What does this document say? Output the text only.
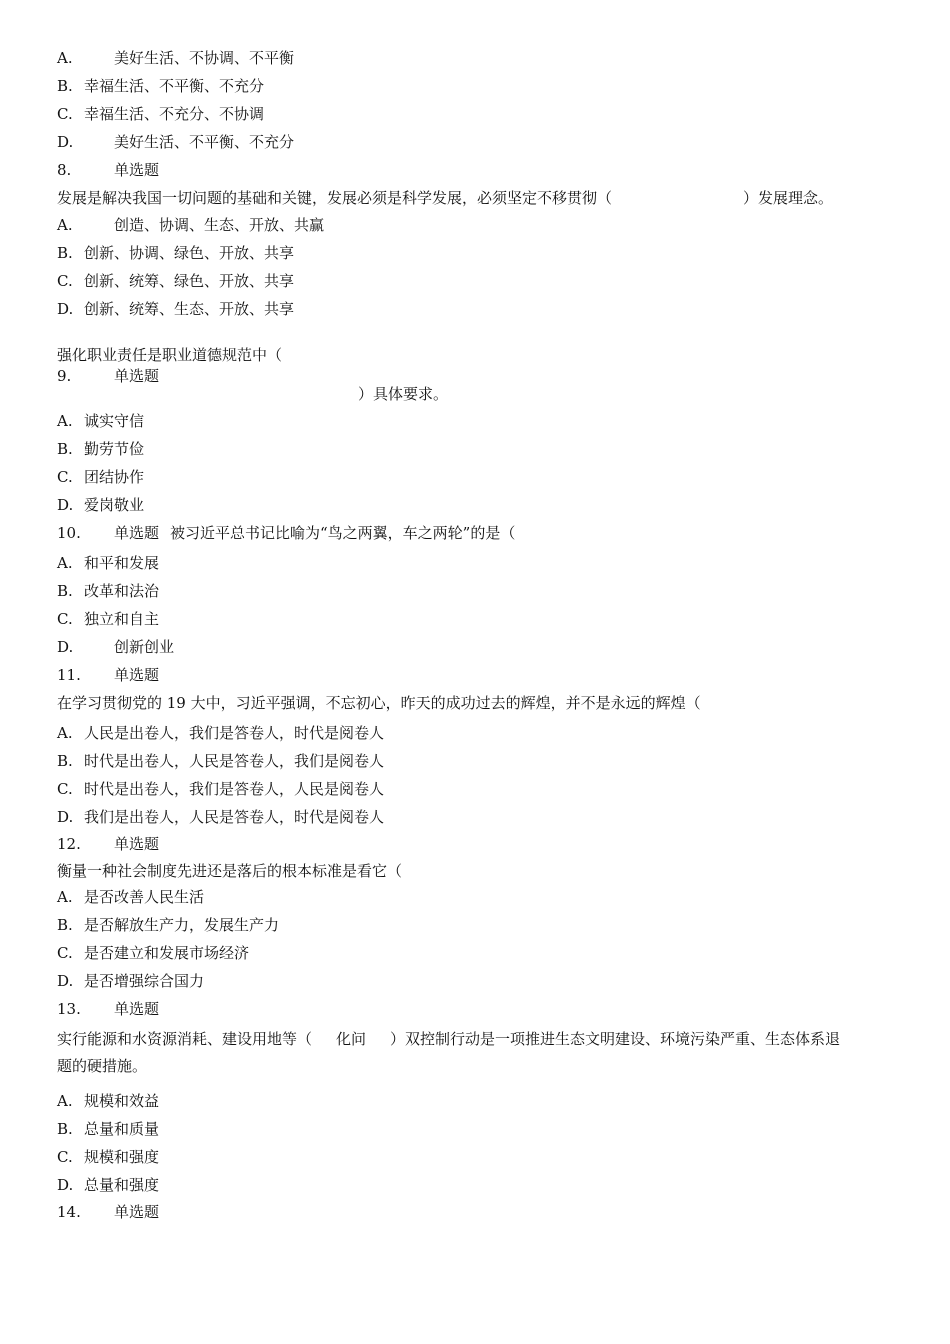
A.	美好生活、不协调、不平衡
B. 幸福生活、不平衡、不充分
C. 幸福生活、不充分、不协调
D.	美好生活、不平衡、不充分
8.	单选题
发展是解决我国一切问题的基础和关键，发展必须是科学发展，必须坚定不移贯彻（	）发展理念。
A.	创造、协调、生态、开放、共赢
B. 创新、协调、绿色、开放、共享
C. 创新、统筹、绿色、开放、共享
D. 创新、统筹、生态、开放、共享
强化职业责任是职业道德规范中（
9.	单选题
）具体要求。
A. 诚实守信
B. 勤劳节俭
C. 团结协作
D. 爱岗敬业
10. 单选题 被习近平总书记比喻为“鸟之两翼，车之两轮”的是（
A. 和平和发展
B. 改革和法治
C. 独立和自主
D.	创新创业
11. 单选题
在学习贯彻党的 19 大中，习近平强调，不忘初心，昨天的成功过去的辉煌，并不是永远的辉煌（
A. 人民是出卷人，我们是答卷人，时代是阅卷人
B. 时代是出卷人，人民是答卷人，我们是阅卷人
C. 时代是出卷人，我们是答卷人，人民是阅卷人
D. 我们是出卷人，人民是答卷人，时代是阅卷人
12. 单选题
衡量一种社会制度先进还是落后的根本标准是看它（
A. 是否改善人民生活
B. 是否解放生产力，发展生产力
C. 是否建立和发展市场经济
D. 是否增强综合国力
13. 单选题
实行能源和水资源消耗、建设用地等（ 化问 ）双控制行动是一项推进生态文明建设、环境污染严重、生态体系退
题的硬措施。
A. 规模和效益
B. 总量和质量
C. 规模和强度
D. 总量和强度
14. 单选题
